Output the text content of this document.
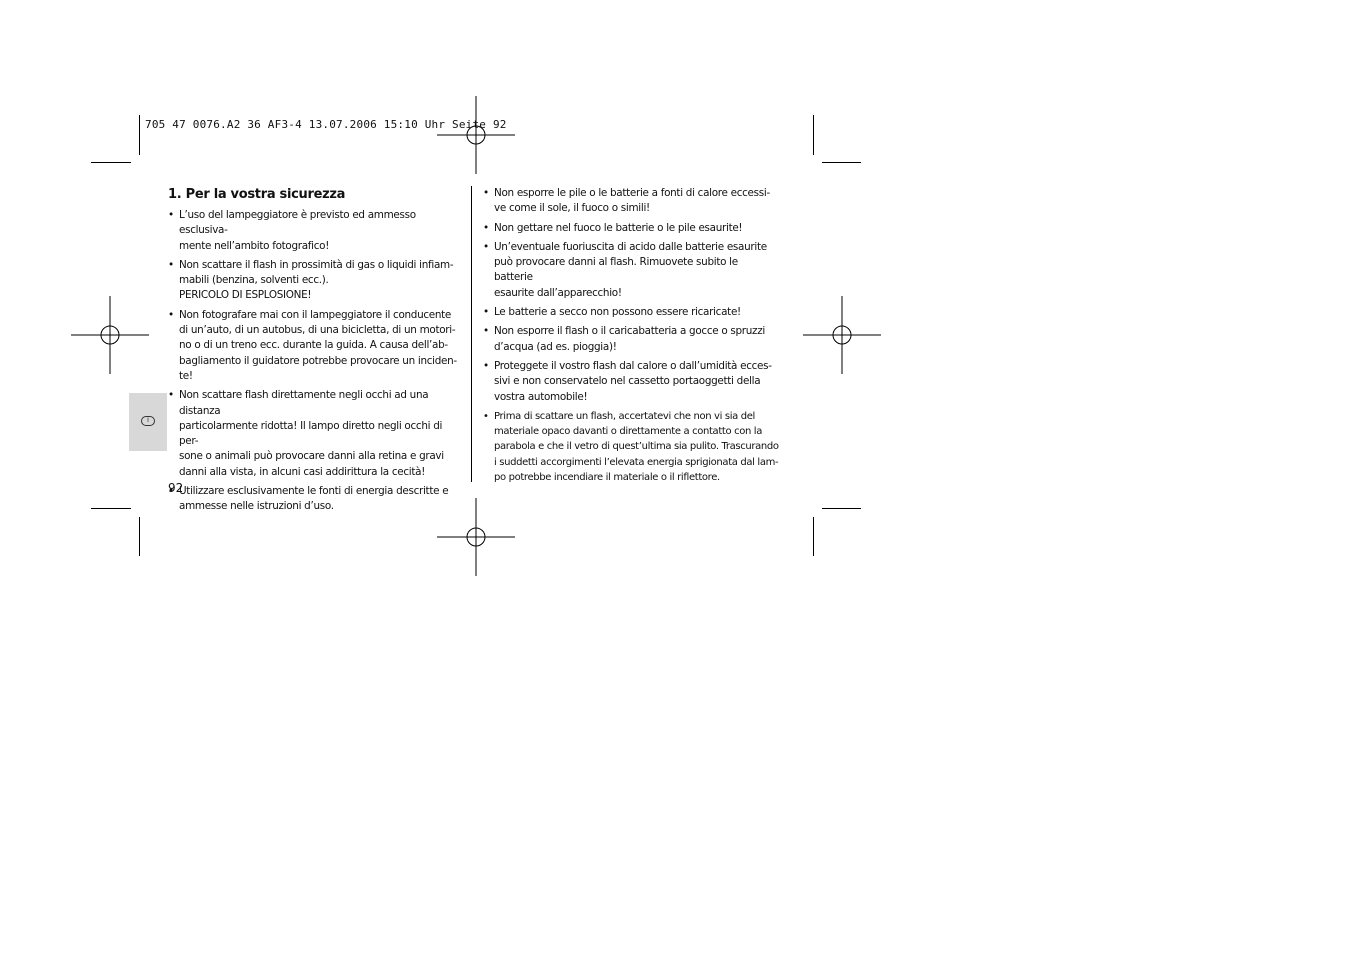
705 47 0076.A2 36 AF3-4 13.07.2006 15:10 Uhr Seite 92
I
1. Per la vostra sicurezza
• L’uso del lampeggiatore è previsto ed ammesso esclusiva-
mente nell’ambito fotografico!
• Non scattare il flash in prossimità di gas o liquidi infiam-
mabili (benzina, solventi ecc.).
PERICOLO DI ESPLOSIONE!
• Non fotografare mai con il lampeggiatore il conducente
di un’auto, di un autobus, di una bicicletta, di un motori-
no o di un treno ecc. durante la guida. A causa dell’ab-
bagliamento il guidatore potrebbe provocare un inciden-
te!
• Non scattare flash direttamente negli occhi ad una distanza
particolarmente ridotta! Il lampo diretto negli occhi di per-
sone o animali può provocare danni alla retina e gravi
danni alla vista, in alcuni casi addirittura la cecità!
• Utilizzare esclusivamente le fonti di energia descritte e
ammesse nelle istruzioni d’uso.
• Non esporre le pile o le batterie a fonti di calore eccessi-
ve come il sole, il fuoco o simili!
• Non gettare nel fuoco le batterie o le pile esaurite!
• Un’eventuale fuoriuscita di acido dalle batterie esaurite
può provocare danni al flash. Rimuovete subito le batterie
esaurite dall’apparecchio!
• Le batterie a secco non possono essere ricaricate!
• Non esporre il flash o il caricabatteria a gocce o spruzzi
d’acqua (ad es. pioggia)!
• Proteggete il vostro flash dal calore o dall’umidità ecces-
sivi e non conservatelo nel cassetto portaoggetti della
vostra automobile!
• Prima di scattare un flash, accertatevi che non vi sia del
materiale opaco davanti o direttamente a contatto con la
parabola e che il vetro di quest’ultima sia pulito. Trascurando
i suddetti accorgimenti l’elevata energia sprigionata dal lam-
po potrebbe incendiare il materiale o il riflettore.
92
